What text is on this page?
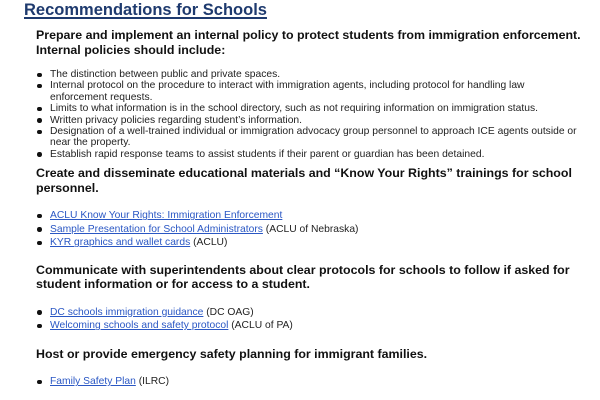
Recommendations for Schools

Prepare and implement an internal policy to protect students from immigration enforcement. Internal policies should include:

The distinction between public and private spaces.
Internal protocol on the procedure to interact with immigration agents, including protocol for handling law enforcement requests.
Limits to what information is in the school directory, such as not requiring information on immigration status.
Written privacy policies regarding student’s information.
Designation of a well-trained individual or immigration advocacy group personnel to approach ICE agents outside or near the property.
Establish rapid response teams to assist students if their parent or guardian has been detained.

Create and disseminate educational materials and “Know Your Rights” trainings for school personnel.

ACLU Know Your Rights: Immigration Enforcement
Sample Presentation for School Administrators (ACLU of Nebraska)
KYR graphics and wallet cards (ACLU)

Communicate with superintendents about clear protocols for schools to follow if asked for student information or for access to a student.

DC schools immigration guidance (DC OAG)
Welcoming schools and safety protocol (ACLU of PA)

Host or provide emergency safety planning for immigrant families.

Family Safety Plan (ILRC)
